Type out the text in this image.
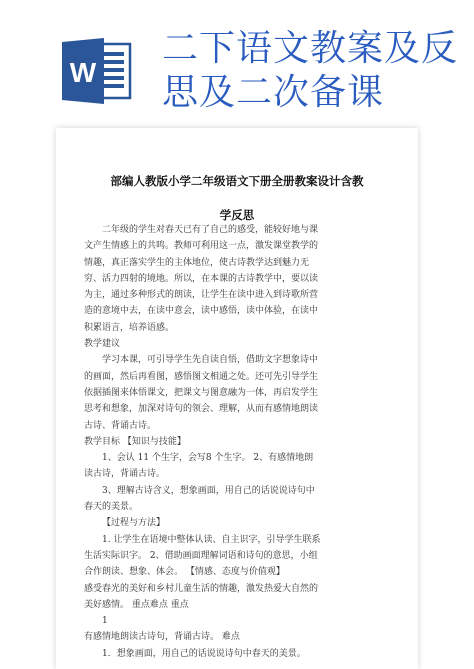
W
二下语文教案及反
思及二次备课
部编人教版小学二年级语文下册全册教案设计含教
学反思

二年级的学生对春天已有了自己的感受，能较好地与课文产生情感上的共鸣。教师可利用这一点，激发课堂教学的情趣，真正落实学生的主体地位，使古诗教学达到魅力无穷、活力四射的境地。所以，在本课的古诗教学中，要以读为主，通过多种形式的朗读，让学生在读中进入到诗歌所营造的意境中去，在读中意会，读中感悟，读中体验，在读中积累语言，培养语感。

教学建议

学习本课，可引导学生先自读自悟，借助文字想象诗中的画面，然后再看图，感悟图文相通之处。还可先引导学生依据插图来体悟课文，把课文与图意融为一体，再启发学生思考和想象，加深对诗句的领会、理解，从而有感情地朗读古诗、背诵古诗。

教学目标 【知识与技能】

1、会认 11 个生字，会写8 个生字。 2、有感情地朗读古诗，背诵古诗。

3、理解古诗含义，想象画面，用自己的话说说诗句中春天的美景。

【过程与方法】

1. 让学生在语境中整体认读、自主识字，引导学生联系生活实际识字。 2、借助画面理解词语和诗句的意思，小组合作朗读、想象、体会。 【情感、态度与价值观】

感受春光的美好和乡村儿童生活的情趣，激发热爱大自然的美好感情。 重点难点 重点

1

有感情地朗读古诗句，背诵古诗。 难点

1．想象画面，用自己的话说说诗句中春天的美景。
